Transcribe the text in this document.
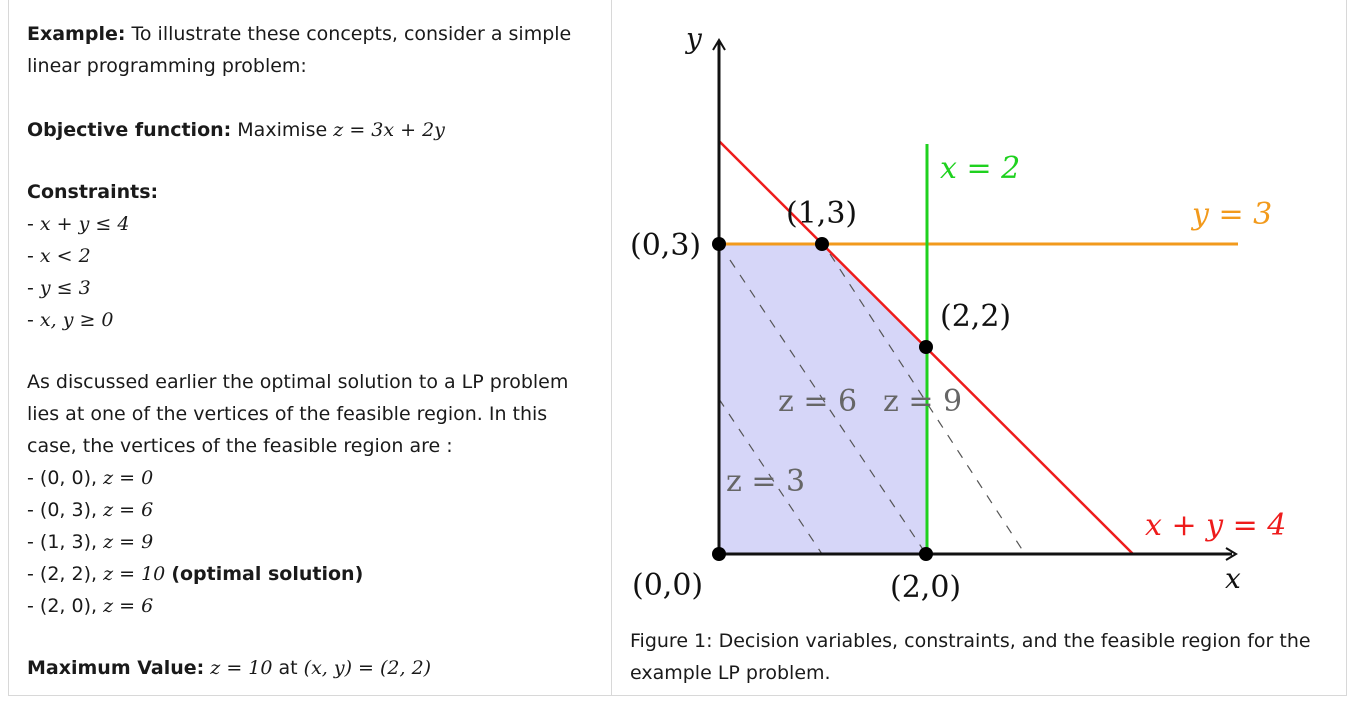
Example: To illustrate these concepts, consider a simple linear programming problem:

Objective function: Maximise z = 3x + 2y

Constraints:

- x + y ≤ 4

- x < 2

- y ≤ 3

- x, y ≥ 0

As discussed earlier the optimal solution to a LP problem lies at one of the vertices of the feasible region. In this case, the vertices of the feasible region are :

- (0, 0), z = 0

- (0, 3), z = 6

- (1, 3), z = 9

- (2, 2), z = 10 (optimal solution)

- (2, 0), z = 6

Maximum Value: z = 10 at (x, y) = (2, 2)

y
x
x = 2
y = 3
x + y = 4
(0,3)
(1,3)
(2,2)
(0,0)	(2,0)
z = 6 z = 9
z = 3
Figure 1: Decision variables, constraints, and the feasible region for the example LP problem.
